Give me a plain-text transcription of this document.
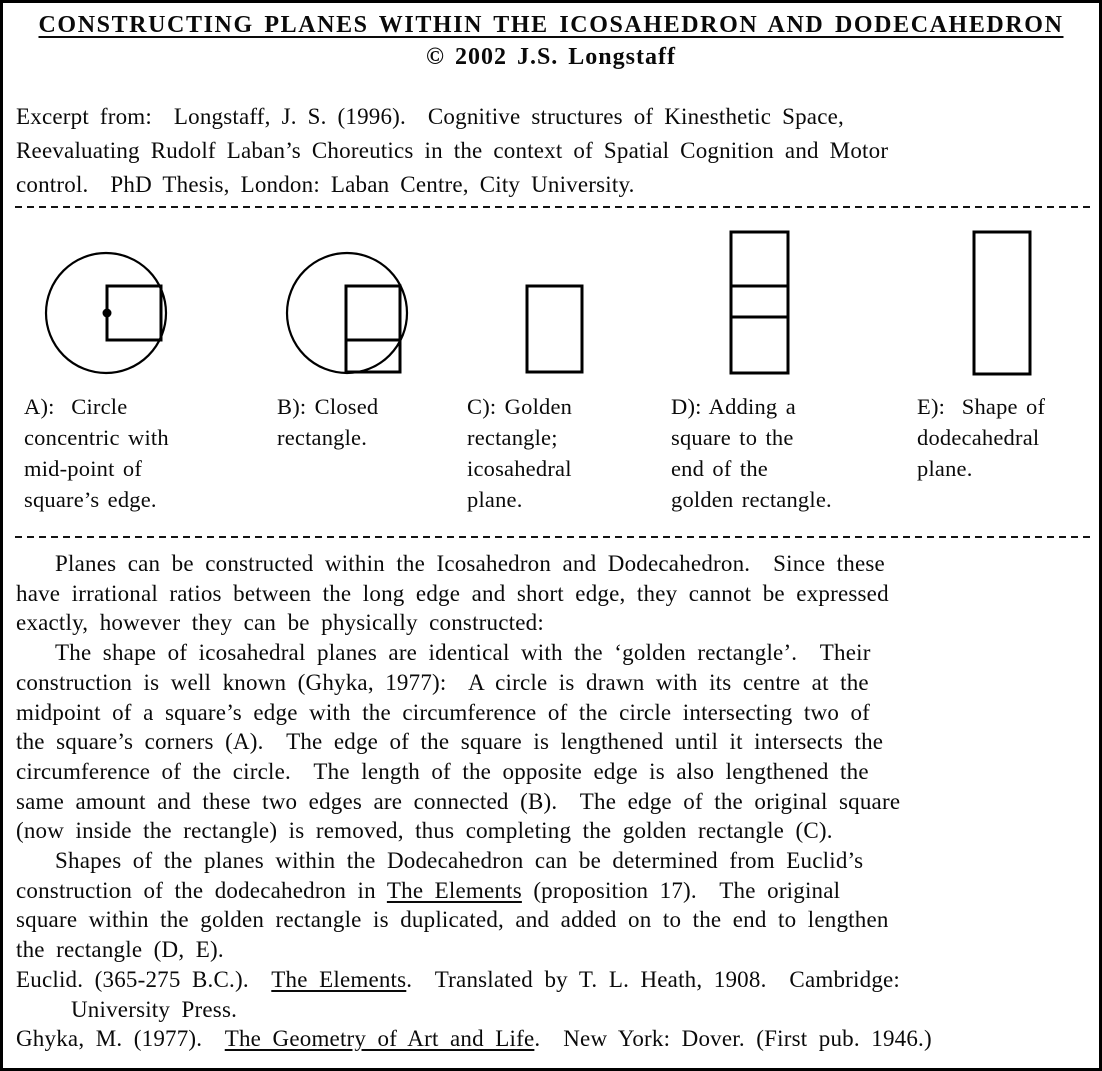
CONSTRUCTING PLANES WITHIN THE ICOSAHEDRON AND DODECAHEDRON
© 2002 J.S. Longstaff
Excerpt from:  Longstaff, J. S. (1996).  Cognitive structures of Kinesthetic Space,
Reevaluating Rudolf Laban’s Choreutics in the context of Spatial Cognition and Motor
control.  PhD Thesis, London: Laban Centre, City University.
A):  Circle
concentric with
mid-point of
square’s edge.
B): Closed
rectangle.
C): Golden
rectangle;
icosahedral
plane.
D): Adding a
square to the
end of the
golden rectangle.
E):  Shape of
dodecahedral
plane.
Planes can be constructed within the Icosahedron and Dodecahedron.  Since these
have irrational ratios between the long edge and short edge, they cannot be expressed
exactly, however they can be physically constructed:
The shape of icosahedral planes are identical with the ‘golden rectangle’.  Their
construction is well known (Ghyka, 1977):  A circle is drawn with its centre at the
midpoint of a square’s edge with the circumference of the circle intersecting two of
the square’s corners (A).  The edge of the square is lengthened until it intersects the
circumference of the circle.  The length of the opposite edge is also lengthened the
same amount and these two edges are connected (B).  The edge of the original square
(now inside the rectangle) is removed, thus completing the golden rectangle (C).
Shapes of the planes within the Dodecahedron can be determined from Euclid’s
construction of the dodecahedron in The Elements (proposition 17).  The original
square within the golden rectangle is duplicated, and added on to the end to lengthen
the rectangle (D, E).
Euclid. (365-275 B.C.).  The Elements.  Translated by T. L. Heath, 1908.  Cambridge:
University Press.
Ghyka, M. (1977).  The Geometry of Art and Life.  New York: Dover. (First pub. 1946.)
